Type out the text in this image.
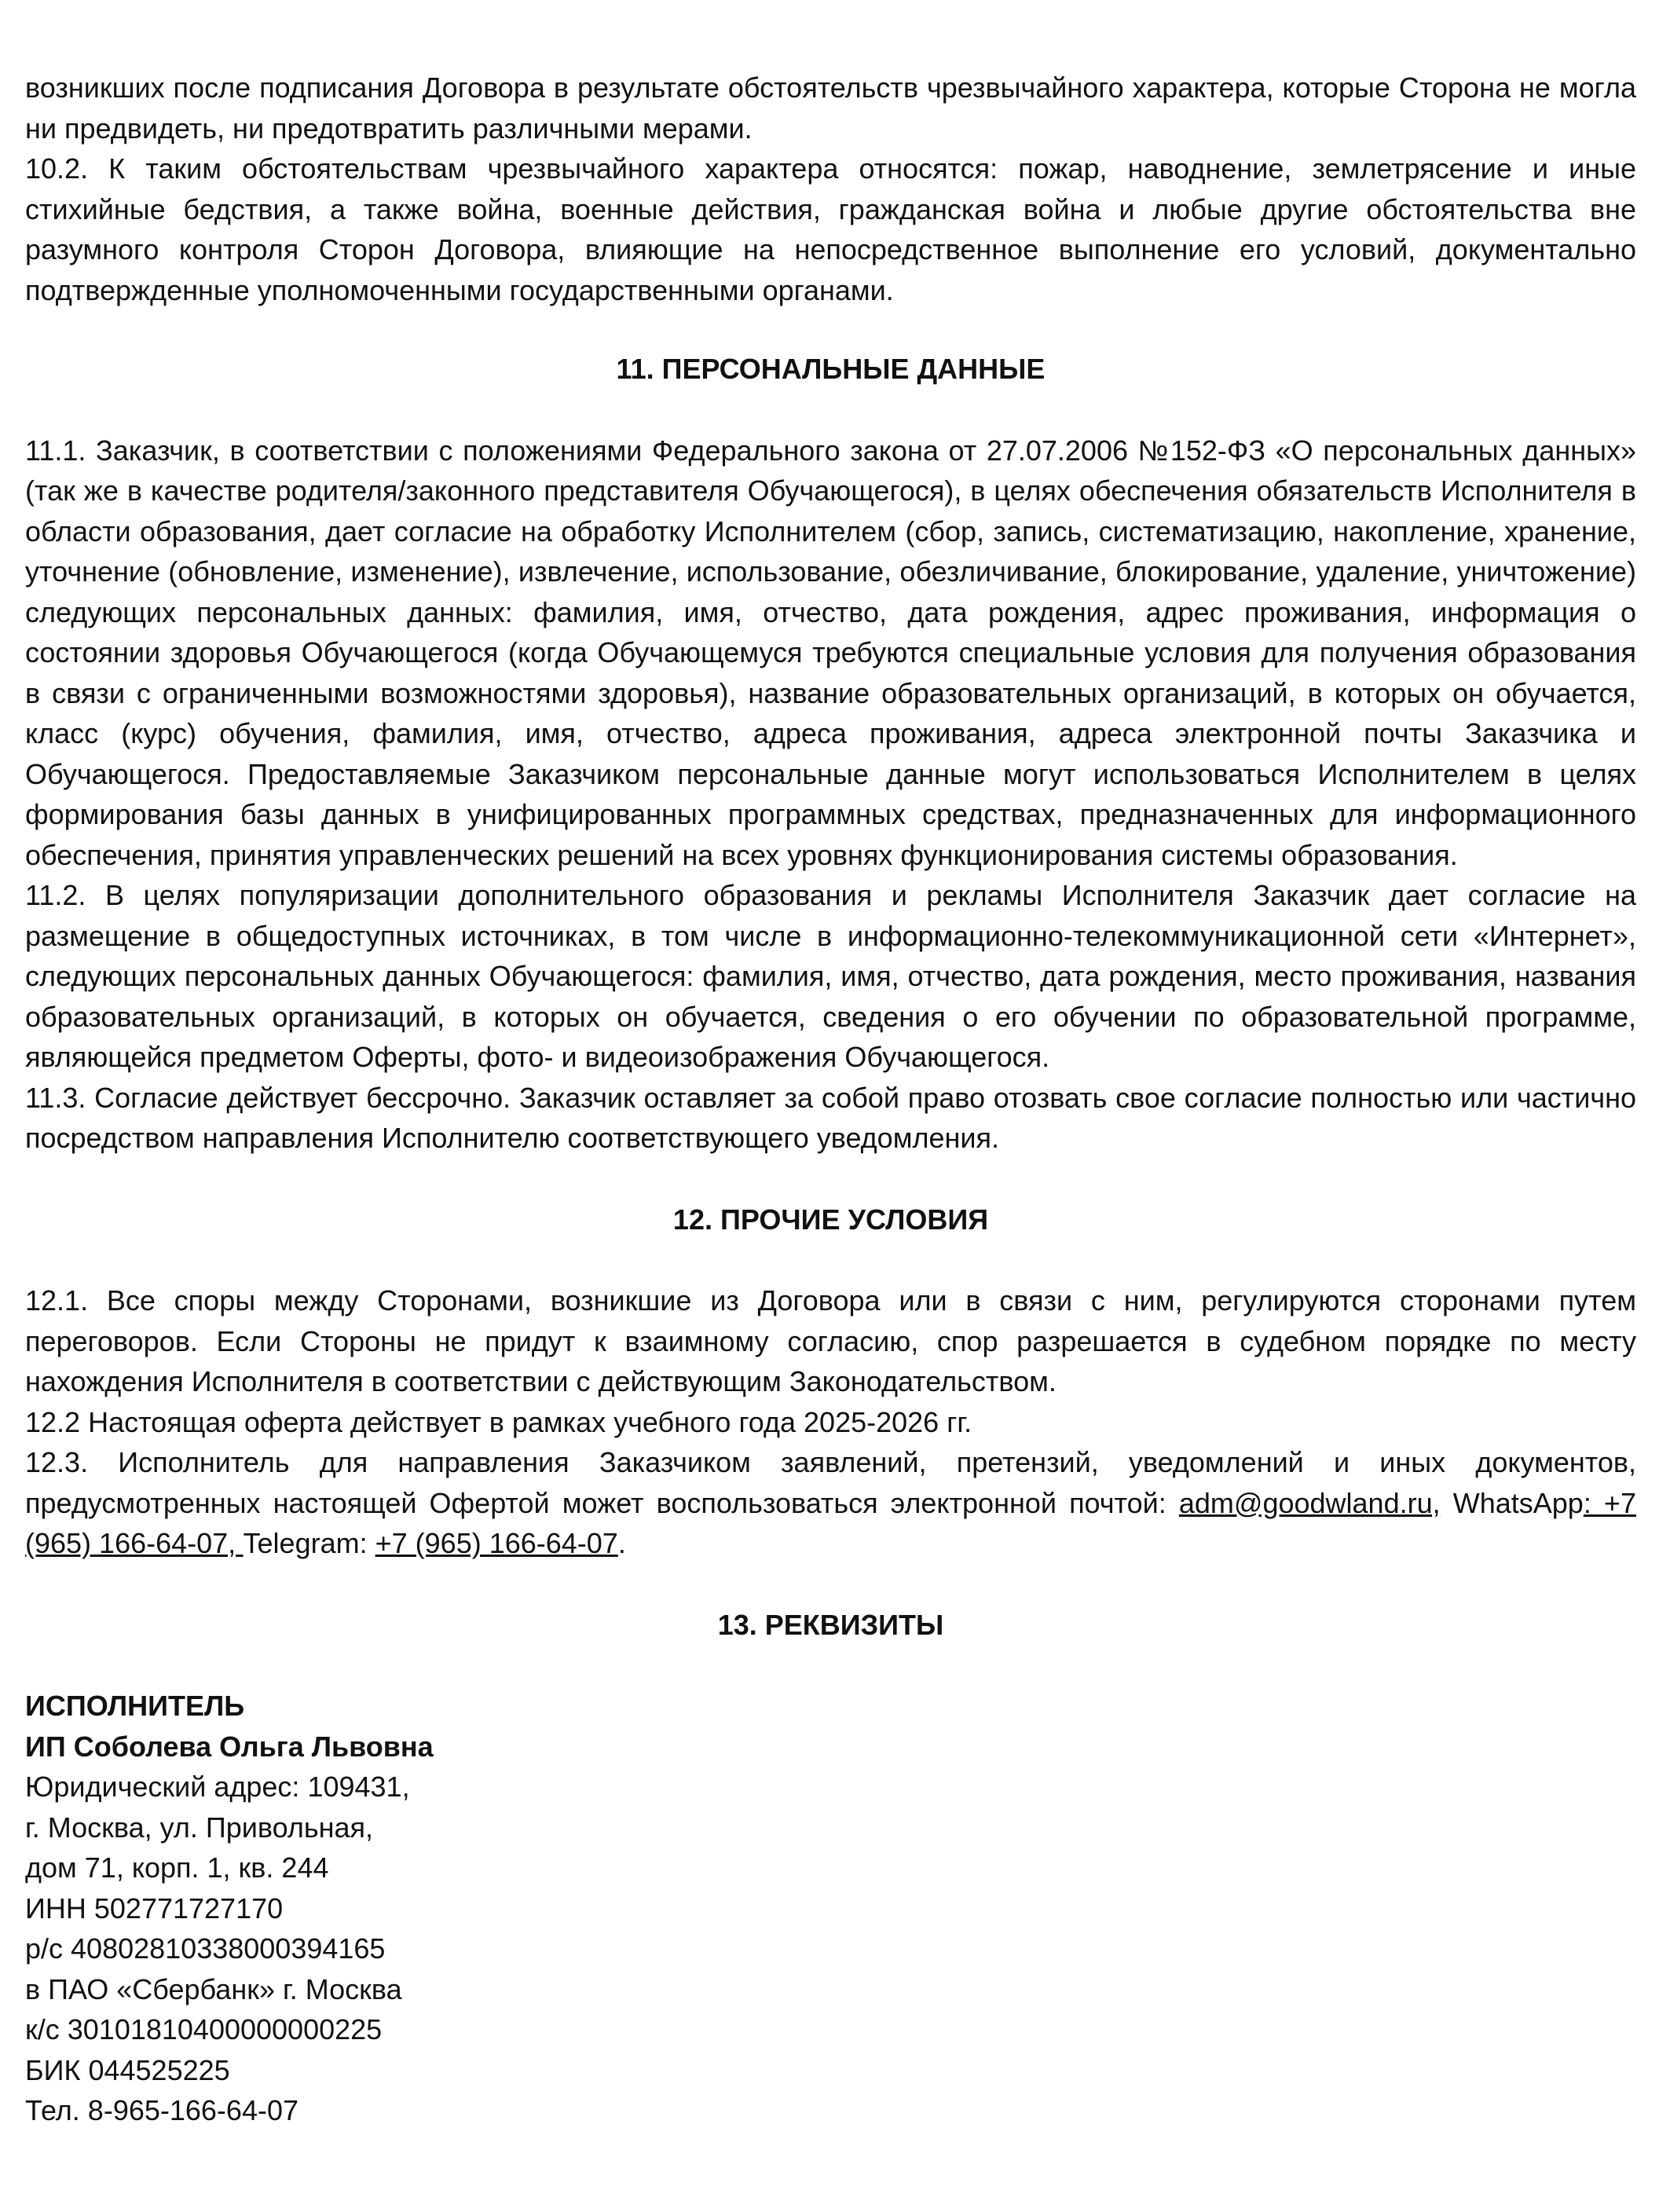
возникших после подписания Договора в результате обстоятельств чрезвычайного характера, которые Сторона не могла ни предвидеть, ни предотвратить различными мерами.

10.2. К таким обстоятельствам чрезвычайного характера относятся: пожар, наводнение, землетрясение и иные стихийные бедствия, а также война, военные действия, гражданская война и любые другие обстоятельства вне разумного контроля Сторон Договора, влияющие на непосредственное выполнение его условий, документально подтвержденные уполномоченными государственными органами.

11. ПЕРСОНАЛЬНЫЕ ДАННЫЕ

11.1. Заказчик, в соответствии с положениями Федерального закона от 27.07.2006 №152-ФЗ «О персональных данных» (так же в качестве родителя/законного представителя Обучающегося), в целях обеспечения обязательств Исполнителя в области образования, дает согласие на обработку Исполнителем (сбор, запись, систематизацию, накопление, хранение, уточнение (обновление, изменение), извлечение, использование, обезличивание, блокирование, удаление, уничтожение) следующих персональных данных: фамилия, имя, отчество, дата рождения, адрес проживания, информация о состоянии здоровья Обучающегося (когда Обучающемуся требуются специальные условия для получения образования в связи с ограниченными возможностями здоровья), название образовательных организаций, в которых он обучается, класс (курс) обучения, фамилия, имя, отчество, адреса проживания, адреса электронной почты Заказчика и Обучающегося. Предоставляемые Заказчиком персональные данные могут использоваться Исполнителем в целях формирования базы данных в унифицированных программных средствах, предназначенных для информационного обеспечения, принятия управленческих решений на всех уровнях функционирования системы образования.

11.2. В целях популяризации дополнительного образования и рекламы Исполнителя Заказчик дает согласие на размещение в общедоступных источниках, в том числе в информационно-телекоммуникационной сети «Интернет», следующих персональных данных Обучающегося: фамилия, имя, отчество, дата рождения, место проживания, названия образовательных организаций, в которых он обучается, сведения о его обучении по образовательной программе, являющейся предметом Оферты, фото- и видеоизображения Обучающегося.

11.3. Согласие действует бессрочно. Заказчик оставляет за собой право отозвать свое согласие полностью или частично посредством направления Исполнителю соответствующего уведомления.

12. ПРОЧИЕ УСЛОВИЯ

12.1. Все споры между Сторонами, возникшие из Договора или в связи с ним, регулируются сторонами путем переговоров. Если Стороны не придут к взаимному согласию, спор разрешается в судебном порядке по месту нахождения Исполнителя в соответствии с действующим Законодательством.

12.2 Настоящая оферта действует в рамках учебного года 2025-2026 гг.

12.3. Исполнитель для направления Заказчиком заявлений, претензий, уведомлений и иных документов, предусмотренных настоящей Офертой может воспользоваться электронной почтой: adm@goodwland.ru, WhatsApp: +7 (965) 166-64-07, Telegram: +7 (965) 166-64-07.

13. РЕКВИЗИТЫ
ИСПОЛНИТЕЛЬ
ИП Соболева Ольга Львовна
Юридический адрес: 109431,
г. Москва, ул. Привольная,
дом 71, корп. 1, кв. 244
ИНН 502771727170
р/с 40802810338000394165
в ПАО «Сбербанк» г. Москва
к/с 30101810400000000225
БИК 044525225
Тел. 8-965-166-64-07
